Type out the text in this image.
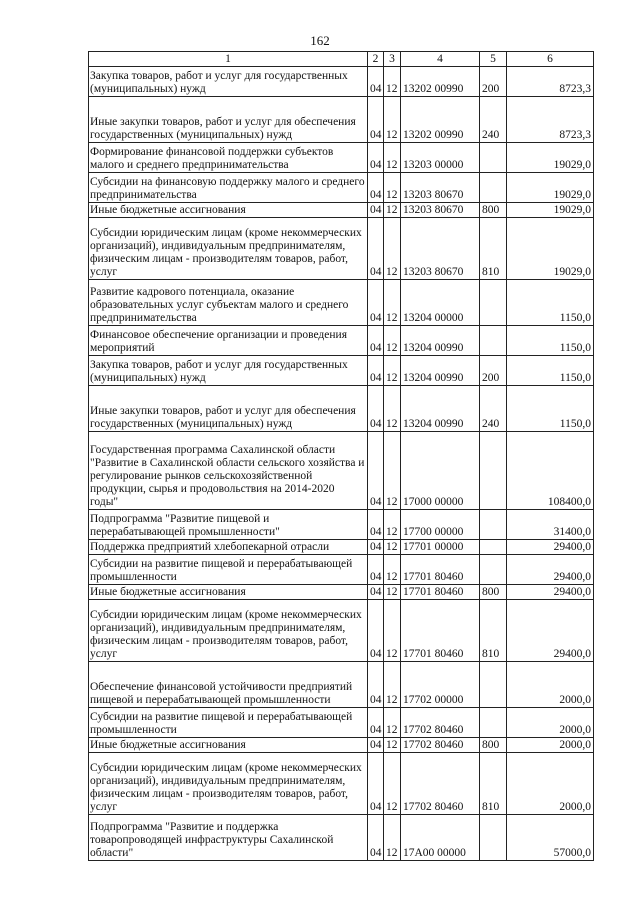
162
1	2	3	4	5	6
Закупка товаров, работ и услуг для государственных (муниципальных) нужд	04	12	13202 00990	200	8723,3
Иные закупки товаров, работ и услуг для обеспечения государственных (муниципальных) нужд	04	12	13202 00990	240	8723,3
Формирование финансовой поддержки субъектов малого и среднего предпринимательства	04	12	13203 00000		19029,0
Субсидии на финансовую поддержку малого и среднего предпринимательства	04	12	13203 80670		19029,0
Иные бюджетные ассигнования	04	12	13203 80670	800	19029,0
Субсидии юридическим лицам (кроме некоммерческих организаций), индивидуальным предпринимателям, физическим лицам - производителям товаров, работ, услуг	04	12	13203 80670	810	19029,0
Развитие кадрового потенциала, оказание образовательных услуг субъектам малого и среднего предпринимательства	04	12	13204 00000		1150,0
Финансовое обеспечение организации и проведения мероприятий	04	12	13204 00990		1150,0
Закупка товаров, работ и услуг для государственных (муниципальных) нужд	04	12	13204 00990	200	1150,0
Иные закупки товаров, работ и услуг для обеспечения государственных (муниципальных) нужд	04	12	13204 00990	240	1150,0
Государственная программа Сахалинской области "Развитие в Сахалинской области сельского хозяйства и регулирование рынков сельскохозяйственной продукции, сырья и продовольствия на 2014-2020 годы"	04	12	17000 00000		108400,0
Подпрограмма "Развитие пищевой и перерабатывающей промышленности"	04	12	17700 00000		31400,0
Поддержка предприятий хлебопекарной отрасли	04	12	17701 00000		29400,0
Субсидии на развитие пищевой и перерабатывающей промышленности	04	12	17701 80460		29400,0
Иные бюджетные ассигнования	04	12	17701 80460	800	29400,0
Субсидии юридическим лицам (кроме некоммерческих организаций), индивидуальным предпринимателям, физическим лицам - производителям товаров, работ, услуг	04	12	17701 80460	810	29400,0
Обеспечение финансовой устойчивости предприятий пищевой и перерабатывающей промышленности	04	12	17702 00000		2000,0
Субсидии на развитие пищевой и перерабатывающей промышленности	04	12	17702 80460		2000,0
Иные бюджетные ассигнования	04	12	17702 80460	800	2000,0
Субсидии юридическим лицам (кроме некоммерческих организаций), индивидуальным предпринимателям, физическим лицам - производителям товаров, работ, услуг	04	12	17702 80460	810	2000,0
Подпрограмма "Развитие и поддержка товаропроводящей инфраструктуры Сахалинской области"	04	12	17А00 00000		57000,0
